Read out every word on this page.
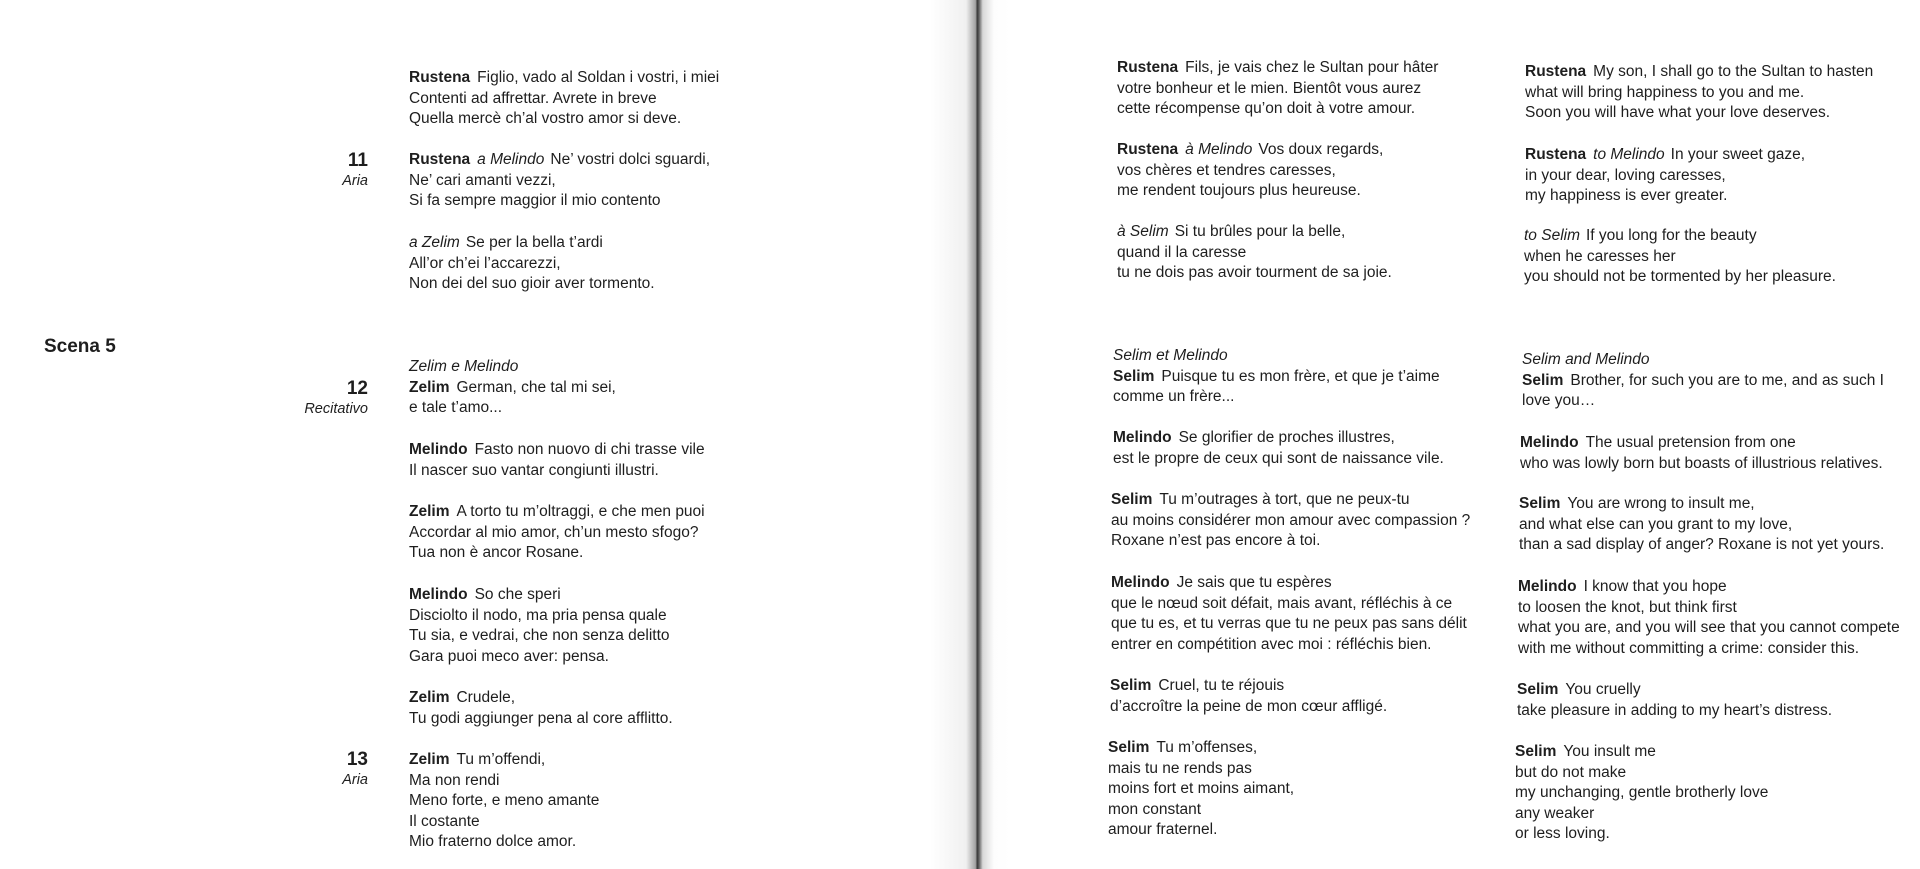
Scena 5
11
Aria
12
Recitativo
13
Aria
Rustena Figlio, vado al Soldan i vostri, i miei
Contenti ad affrettar. Avrete in breve
Quella mercè ch’al vostro amor si deve.
Rustena a Melindo Ne’ vostri dolci sguardi,
Ne’ cari amanti vezzi,
Si fa sempre maggior il mio contento
a Zelim Se per la bella t’ardi
All’or ch’ei l’accarezzi,
Non dei del suo gioir aver tormento.
Zelim e Melindo
Zelim German, che tal mi sei,
e tale t’amo...
Melindo Fasto non nuovo di chi trasse vile
Il nascer suo vantar congiunti illustri.
Zelim A torto tu m’oltraggi, e che men puoi
Accordar al mio amor, ch’un mesto sfogo?
Tua non è ancor Rosane.
Melindo So che speri
Disciolto il nodo, ma pria pensa quale
Tu sia, e vedrai, che non senza delitto
Gara puoi meco aver: pensa.
Zelim Crudele,
Tu godi aggiunger pena al core afflitto.
Zelim Tu m’offendi,
Ma non rendi
Meno forte, e meno amante
Il costante
Mio fraterno dolce amor.
Rustena Fils, je vais chez le Sultan pour hâter
votre bonheur et le mien. Bientôt vous aurez
cette récompense qu’on doit à votre amour.
Rustena à Melindo Vos doux regards,
vos chères et tendres caresses,
me rendent toujours plus heureuse.
à Selim Si tu brûles pour la belle,
quand il la caresse
tu ne dois pas avoir tourment de sa joie.
Selim et Melindo
Selim Puisque tu es mon frère, et que je t’aime
comme un frère...
Melindo Se glorifier de proches illustres,
est le propre de ceux qui sont de naissance vile.
Selim Tu m’outrages à tort, que ne peux-tu
au moins considérer mon amour avec compassion ?
Roxane n’est pas encore à toi.
Melindo Je sais que tu espères
que le nœud soit défait, mais avant, réfléchis à ce
que tu es, et tu verras que tu ne peux pas sans délit
entrer en compétition avec moi : réfléchis bien.
Selim Cruel, tu te réjouis
d’accroître la peine de mon cœur affligé.
Selim Tu m’offenses,
mais tu ne rends pas
moins fort et moins aimant,
mon constant
amour fraternel.
Rustena My son, I shall go to the Sultan to hasten
what will bring happiness to you and me.
Soon you will have what your love deserves.
Rustena to Melindo In your sweet gaze,
in your dear, loving caresses,
my happiness is ever greater.
to Selim If you long for the beauty
when he caresses her
you should not be tormented by her pleasure.
Selim and Melindo
Selim Brother, for such you are to me, and as such I
love you…
Melindo The usual pretension from one
who was lowly born but boasts of illustrious relatives.
Selim You are wrong to insult me,
and what else can you grant to my love,
than a sad display of anger? Roxane is not yet yours.
Melindo I know that you hope
to loosen the knot, but think first
what you are, and you will see that you cannot compete
with me without committing a crime: consider this.
Selim You cruelly
take pleasure in adding to my heart’s distress.
Selim You insult me
but do not make
my unchanging, gentle brotherly love
any weaker
or less loving.
